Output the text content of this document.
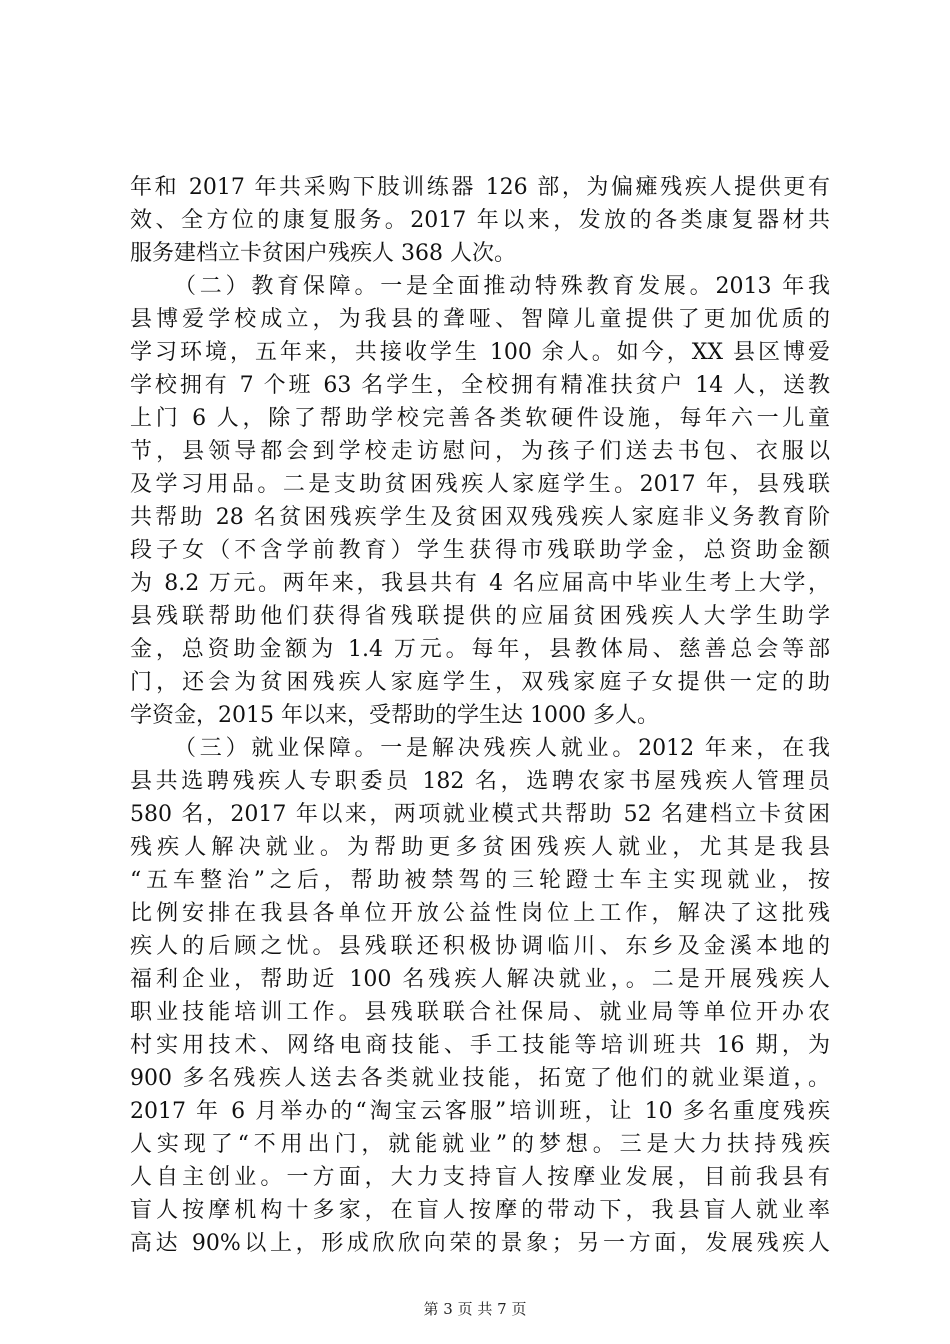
年和 2017 年共采购下肢训练器 126 部，为偏瘫残疾人提供更有
效、全方位的康复服务。2017 年以来，发放的各类康复器材共
服务建档立卡贫困户残疾人 368 人次。
（二）教育保障。一是全面推动特殊教育发展。2013 年我
县博爱学校成立，为我县的聋哑、智障儿童提供了更加优质的
学习环境，五年来，共接收学生 100 余人。如今，XX 县区博爱
学校拥有 7 个班 63 名学生，全校拥有精准扶贫户 14 人，送教
上门 6 人，除了帮助学校完善各类软硬件设施，每年六一儿童
节，县领导都会到学校走访慰问，为孩子们送去书包、衣服以
及学习用品。二是支助贫困残疾人家庭学生。2017 年，县残联
共帮助 28 名贫困残疾学生及贫困双残残疾人家庭非义务教育阶
段子女（不含学前教育）学生获得市残联助学金，总资助金额
为 8.2 万元。两年来，我县共有 4 名应届高中毕业生考上大学，
县残联帮助他们获得省残联提供的应届贫困残疾人大学生助学
金，总资助金额为 1.4 万元。每年，县教体局、慈善总会等部
门，还会为贫困残疾人家庭学生，双残家庭子女提供一定的助
学资金，2015 年以来，受帮助的学生达 1000 多人。
（三）就业保障。一是解决残疾人就业。2012 年来，在我
县共选聘残疾人专职委员 182 名，选聘农家书屋残疾人管理员
580 名，2017 年以来，两项就业模式共帮助 52 名建档立卡贫困
残疾人解决就业。为帮助更多贫困残疾人就业，尤其是我县
“五车整治”之后，帮助被禁驾的三轮蹬士车主实现就业，按
比例安排在我县各单位开放公益性岗位上工作，解决了这批残
疾人的后顾之忧。县残联还积极协调临川、东乡及金溪本地的
福利企业，帮助近 100 名残疾人解决就业，。二是开展残疾人
职业技能培训工作。县残联联合社保局、就业局等单位开办农
村实用技术、网络电商技能、手工技能等培训班共 16 期，为
900 多名残疾人送去各类就业技能，拓宽了他们的就业渠道，。
2017 年 6 月举办的“淘宝云客服”培训班，让 10 多名重度残疾
人实现了“不用出门，就能就业”的梦想。三是大力扶持残疾
人自主创业。一方面，大力支持盲人按摩业发展，目前我县有
盲人按摩机构十多家，在盲人按摩的带动下，我县盲人就业率
高达 90%以上，形成欣欣向荣的景象；另一方面，发展残疾人
第 3 页 共 7 页
